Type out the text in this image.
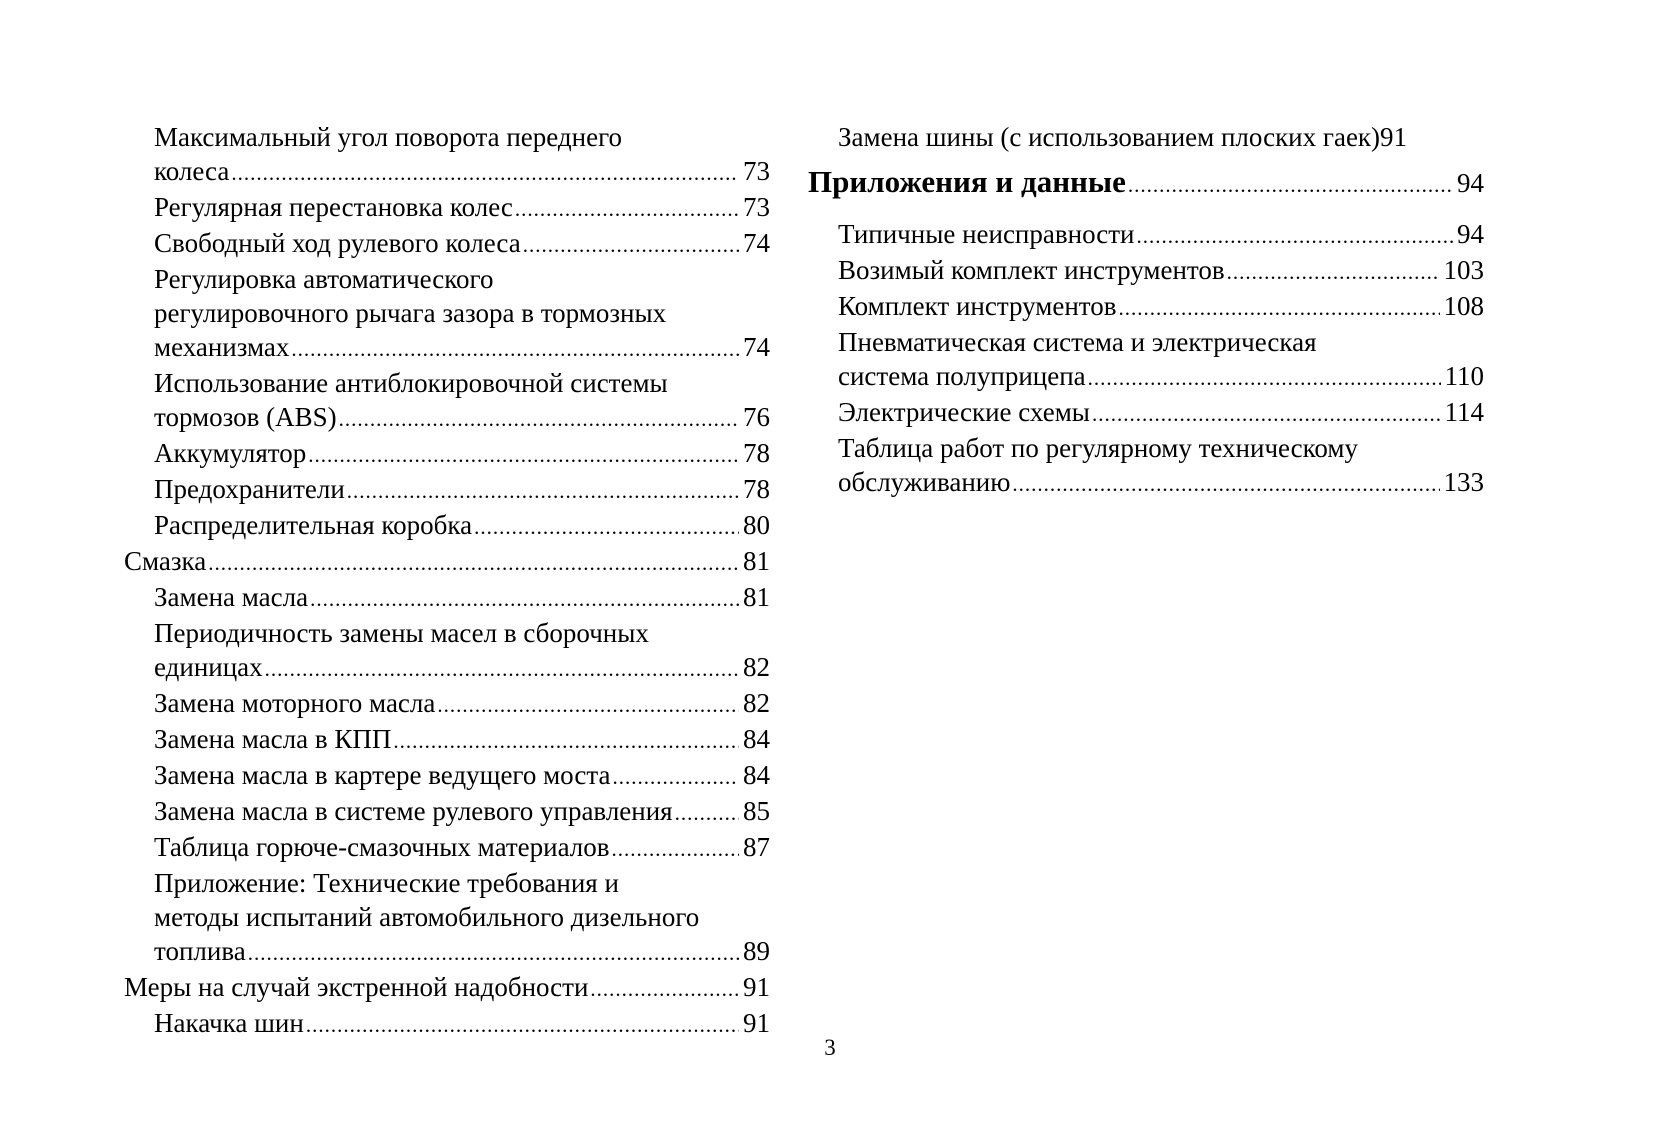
Максимальный угол поворота переднего
колеса .....	73
Регулярная перестановка колес .....	73
Свободный ход рулевого колеса .....	74
Регулировка автоматического
регулировочного рычага зазора в тормозных
механизмах .....	74
Использование антиблокировочной системы
тормозов (ABS) .....	76
Аккумулятор .....	78
Предохранители .....	78
Распределительная коробка .....	80
Смазка .....	81
Замена масла .....	81
Периодичность замены масел в сборочных
единицах .....	82
Замена моторного масла .....	82
Замена масла в КПП .....	84
Замена масла в картере ведущего моста .....	84
Замена масла в системе рулевого управления .....	85
Таблица горюче-смазочных материалов .....	87
Приложение: Технические требования и
методы испытаний автомобильного дизельного
топлива .....	89
Меры на случай экстренной надобности .....	91
Накачка шин .....	91
Замена шины (с использованием плоских гаек) 91
Приложения и данные .....	94
Типичные неисправности .....	94
Возимый комплект инструментов .....	103
Комплект инструментов .....	108
Пневматическая система и электрическая
система полуприцепа .....	110
Электрические схемы .....	114
Таблица работ по регулярному техническому
обслуживанию .....	133
3
